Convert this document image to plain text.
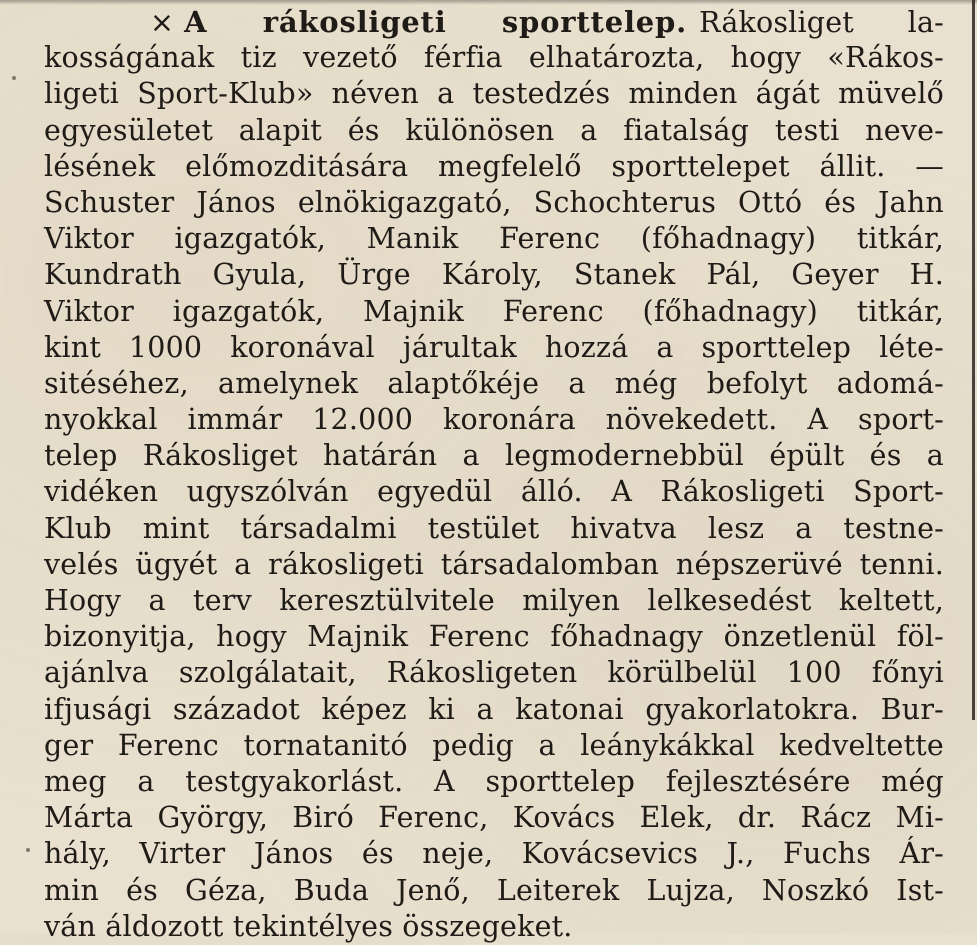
× A rákosligeti sporttelep. Rákosliget la-
kosságának tiz vezető férfia elhatározta, hogy «Rákos-
ligeti Sport-Klub» néven a testedzés minden ágát müvelő
egyesületet alapit és különösen a fiatalság testi neve-
lésének előmozditására megfelelő sporttelepet állit. —
Schuster János elnökigazgató, Schochterus Ottó és Jahn
Viktor igazgatók, Manik Ferenc (főhadnagy) titkár,
Kundrath Gyula, Ürge Károly, Stanek Pál, Geyer H.
Viktor igazgatók, Majnik Ferenc (főhadnagy) titkár,
kint 1000 koronával járultak hozzá a sporttelep léte-
sitéséhez, amelynek alaptőkéje a még befolyt adomá-
nyokkal immár 12.000 koronára növekedett. A sport-
telep Rákosliget határán a legmodernebbül épült és a
vidéken ugyszólván egyedül álló. A Rákosligeti Sport-
Klub mint társadalmi testület hivatva lesz a testne-
velés ügyét a rákosligeti társadalomban népszerüvé tenni.
Hogy a terv keresztülvitele milyen lelkesedést keltett,
bizonyitja, hogy Majnik Ferenc főhadnagy önzetlenül föl-
ajánlva szolgálatait, Rákosligeten körülbelül 100 főnyi
ifjusági századot képez ki a katonai gyakorlatokra. Bur-
ger Ferenc tornatanitó pedig a leánykákkal kedveltette
meg a testgyakorlást. A sporttelep fejlesztésére még
Márta György, Biró Ferenc, Kovács Elek, dr. Rácz Mi-
hály, Virter János és neje, Kovácsevics J., Fuchs Ár-
min és Géza, Buda Jenő, Leiterek Lujza, Noszkó Ist-
ván áldozott tekintélyes összegeket.
